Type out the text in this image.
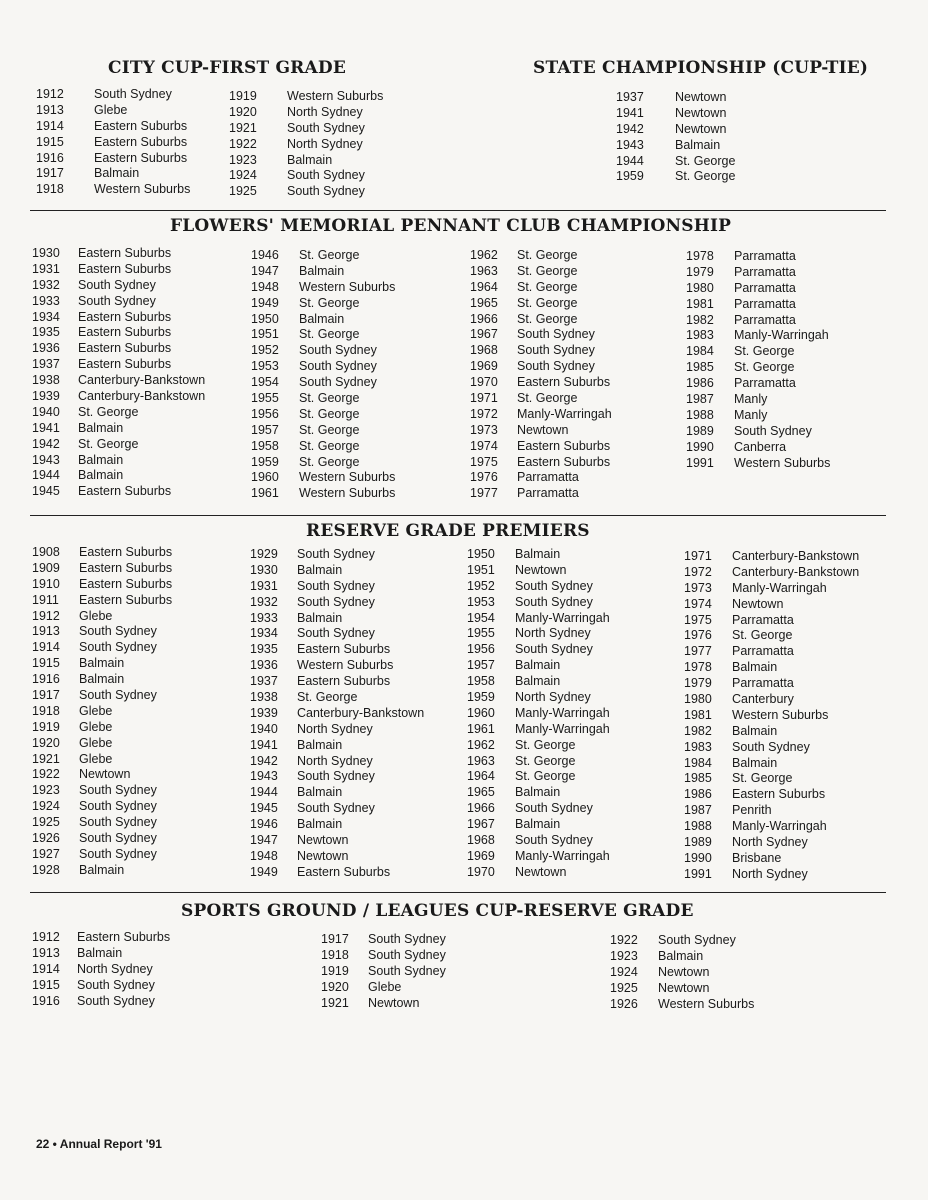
CITY CUP-FIRST GRADE
1912 South Sydney
1913 Glebe
1914 Eastern Suburbs
1915 Eastern Suburbs
1916 Eastern Suburbs
1917 Balmain
1918 Western Suburbs
1919 Western Suburbs
1920 North Sydney
1921 South Sydney
1922 North Sydney
1923 Balmain
1924 South Sydney
1925 South Sydney
STATE CHAMPIONSHIP (CUP-TIE)
1937 Newtown
1941 Newtown
1942 Newtown
1943 Balmain
1944 St. George
1959 St. George
FLOWERS' MEMORIAL PENNANT CLUB CHAMPIONSHIP
1930 Eastern Suburbs
1931 Eastern Suburbs
1932 South Sydney
1933 South Sydney
1934 Eastern Suburbs
1935 Eastern Suburbs
1936 Eastern Suburbs
1937 Eastern Suburbs
1938 Canterbury-Bankstown
1939 Canterbury-Bankstown
1940 St. George
1941 Balmain
1942 St. George
1943 Balmain
1944 Balmain
1945 Eastern Suburbs
1946 St. George
1947 Balmain
1948 Western Suburbs
1949 St. George
1950 Balmain
1951 St. George
1952 South Sydney
1953 South Sydney
1954 South Sydney
1955 St. George
1956 St. George
1957 St. George
1958 St. George
1959 St. George
1960 Western Suburbs
1961 Western Suburbs
1962 St. George
1963 St. George
1964 St. George
1965 St. George
1966 St. George
1967 South Sydney
1968 South Sydney
1969 South Sydney
1970 Eastern Suburbs
1971 St. George
1972 Manly-Warringah
1973 Newtown
1974 Eastern Suburbs
1975 Eastern Suburbs
1976 Parramatta
1977 Parramatta
1978 Parramatta
1979 Parramatta
1980 Parramatta
1981 Parramatta
1982 Parramatta
1983 Manly-Warringah
1984 St. George
1985 St. George
1986 Parramatta
1987 Manly
1988 Manly
1989 South Sydney
1990 Canberra
1991 Western Suburbs
RESERVE GRADE PREMIERS
1908 Eastern Suburbs
1909 Eastern Suburbs
1910 Eastern Suburbs
1911 Eastern Suburbs
1912 Glebe
1913 South Sydney
1914 South Sydney
1915 Balmain
1916 Balmain
1917 South Sydney
1918 Glebe
1919 Glebe
1920 Glebe
1921 Glebe
1922 Newtown
1923 South Sydney
1924 South Sydney
1925 South Sydney
1926 South Sydney
1927 South Sydney
1928 Balmain
1929 South Sydney
1930 Balmain
1931 South Sydney
1932 South Sydney
1933 Balmain
1934 South Sydney
1935 Eastern Suburbs
1936 Western Suburbs
1937 Eastern Suburbs
1938 St. George
1939 Canterbury-Bankstown
1940 North Sydney
1941 Balmain
1942 North Sydney
1943 South Sydney
1944 Balmain
1945 South Sydney
1946 Balmain
1947 Newtown
1948 Newtown
1949 Eastern Suburbs
1950 Balmain
1951 Newtown
1952 South Sydney
1953 South Sydney
1954 Manly-Warringah
1955 North Sydney
1956 South Sydney
1957 Balmain
1958 Balmain
1959 North Sydney
1960 Manly-Warringah
1961 Manly-Warringah
1962 St. George
1963 St. George
1964 St. George
1965 Balmain
1966 South Sydney
1967 Balmain
1968 South Sydney
1969 Manly-Warringah
1970 Newtown
1971 Canterbury-Bankstown
1972 Canterbury-Bankstown
1973 Manly-Warringah
1974 Newtown
1975 Parramatta
1976 St. George
1977 Parramatta
1978 Balmain
1979 Parramatta
1980 Canterbury
1981 Western Suburbs
1982 Balmain
1983 South Sydney
1984 Balmain
1985 St. George
1986 Eastern Suburbs
1987 Penrith
1988 Manly-Warringah
1989 North Sydney
1990 Brisbane
1991 North Sydney
SPORTS GROUND / LEAGUES CUP-RESERVE GRADE
1912 Eastern Suburbs
1913 Balmain
1914 North Sydney
1915 South Sydney
1916 South Sydney
1917 South Sydney
1918 South Sydney
1919 South Sydney
1920 Glebe
1921 Newtown
1922 South Sydney
1923 Balmain
1924 Newtown
1925 Newtown
1926 Western Suburbs
22 • Annual Report '91
